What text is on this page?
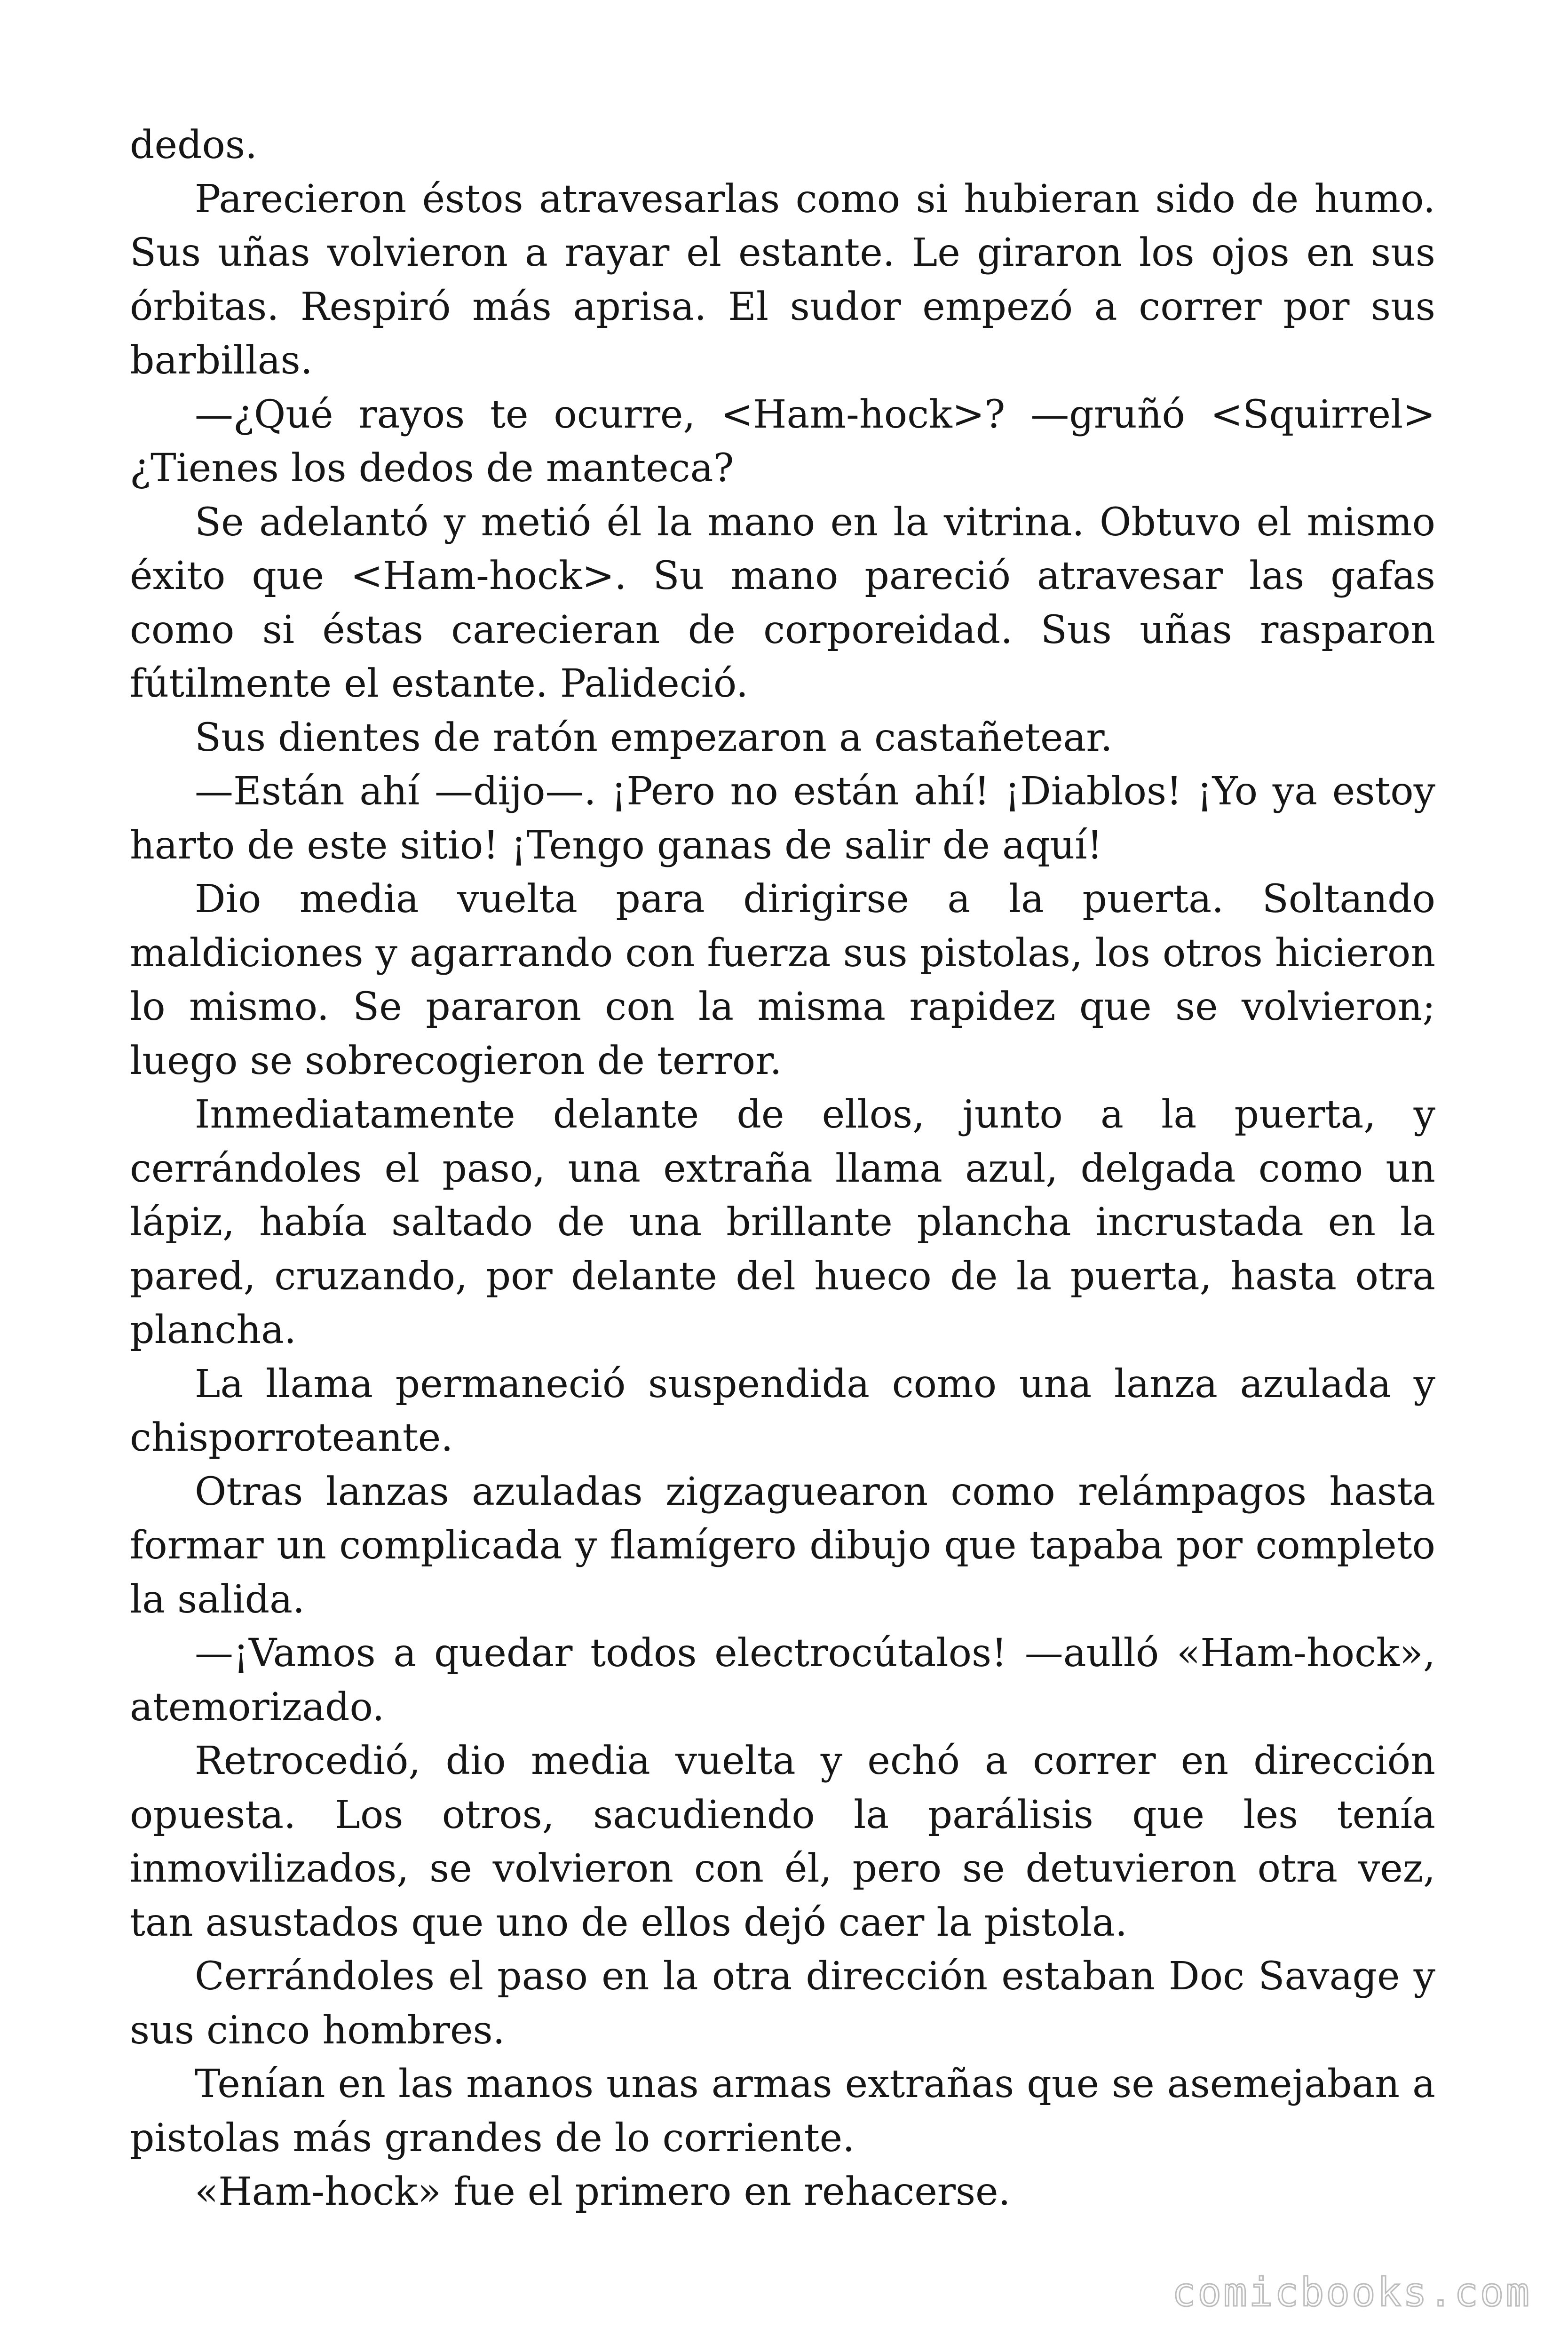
dedos.

Parecieron éstos atravesarlas como si hubieran sido de humo. Sus uñas volvieron a rayar el estante. Le giraron los ojos en sus órbitas. Respiró más aprisa. El sudor empezó a correr por sus barbillas.

—¿Qué rayos te ocurre, <Ham-hock>? —gruñó <Squirrel> ¿Tienes los dedos de manteca?

Se adelantó y metió él la mano en la vitrina. Obtuvo el mismo éxito que <Ham-hock>. Su mano pareció atravesar las gafas como si éstas carecieran de corporeidad. Sus uñas rasparon fútilmente el estante. Palideció.

Sus dientes de ratón empezaron a castañetear.

—Están ahí —dijo—. ¡Pero no están ahí! ¡Diablos! ¡Yo ya estoy harto de este sitio! ¡Tengo ganas de salir de aquí!

Dio media vuelta para dirigirse a la puerta. Soltando maldiciones y agarrando con fuerza sus pistolas, los otros hicieron lo mismo. Se pararon con la misma rapidez que se volvieron; luego se sobrecogieron de terror.

Inmediatamente delante de ellos, junto a la puerta, y cerrándoles el paso, una extraña llama azul, delgada como un lápiz, había saltado de una brillante plancha incrustada en la pared, cruzando, por delante del hueco de la puerta, hasta otra plancha.

La llama permaneció suspendida como una lanza azulada y chisporroteante.

Otras lanzas azuladas zigzaguearon como relámpagos hasta formar un complicada y flamígero dibujo que tapaba por completo la salida.

—¡Vamos a quedar todos electrocútalos! —aulló «Ham-hock», atemorizado.

Retrocedió, dio media vuelta y echó a correr en dirección opuesta. Los otros, sacudiendo la parálisis que les tenía inmovilizados, se volvieron con él, pero se detuvieron otra vez, tan asustados que uno de ellos dejó caer la pistola.

Cerrándoles el paso en la otra dirección estaban Doc Savage y sus cinco hombres.

Tenían en las manos unas armas extrañas que se asemejaban a pistolas más grandes de lo corriente.

«Ham-hock» fue el primero en rehacerse.

comicbooks.com
